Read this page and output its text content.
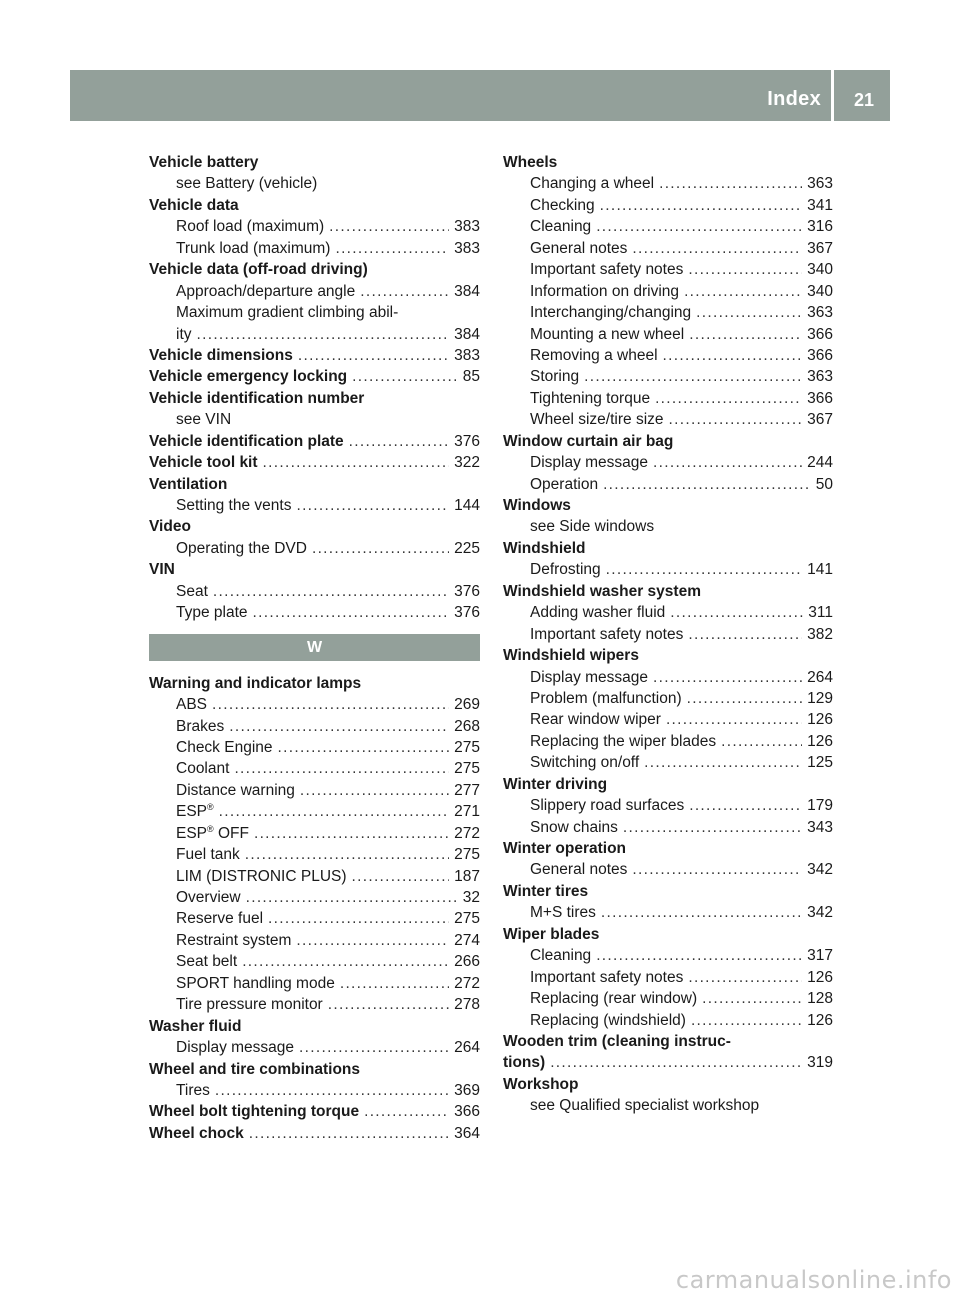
Index 21
Vehicle battery
see Battery (vehicle)
Vehicle data
Roof load (maximum) .....	383
Trunk load (maximum) .....	383
Vehicle data (off-road driving)
Approach/departure angle .....	384
Maximum gradient climbing abil-
ity .....	384
Vehicle dimensions .....	383
Vehicle emergency locking .....	85
Vehicle identification number
see VIN
Vehicle identification plate .....	376
Vehicle tool kit .....	322
Ventilation
Setting the vents .....	144
Video
Operating the DVD .....	225
VIN
Seat .....	376
Type plate .....	376
W
Warning and indicator lamps
ABS .....	269
Brakes .....	268
Check Engine .....	275
Coolant .....	275
Distance warning .....	277
ESP® .....	271
ESP® OFF .....	272
Fuel tank .....	275
LIM (DISTRONIC PLUS) .....	187
Overview .....	32
Reserve fuel .....	275
Restraint system .....	274
Seat belt .....	266
SPORT handling mode .....	272
Tire pressure monitor .....	278
Washer fluid
Display message .....	264
Wheel and tire combinations
Tires .....	369
Wheel bolt tightening torque .....	366
Wheel chock .....	364
Wheels
Changing a wheel .....	363
Checking .....	341
Cleaning .....	316
General notes .....	367
Important safety notes .....	340
Information on driving .....	340
Interchanging/changing .....	363
Mounting a new wheel .....	366
Removing a wheel .....	366
Storing .....	363
Tightening torque .....	366
Wheel size/tire size .....	367
Window curtain air bag
Display message .....	244
Operation .....	50
Windows
see Side windows
Windshield
Defrosting .....	141
Windshield washer system
Adding washer fluid .....	311
Important safety notes .....	382
Windshield wipers
Display message .....	264
Problem (malfunction) .....	129
Rear window wiper .....	126
Replacing the wiper blades .....	126
Switching on/off .....	125
Winter driving
Slippery road surfaces .....	179
Snow chains .....	343
Winter operation
General notes .....	342
Winter tires
M+S tires .....	342
Wiper blades
Cleaning .....	317
Important safety notes .....	126
Replacing (rear window) .....	128
Replacing (windshield) .....	126
Wooden trim (cleaning instruc-
tions) .....	319
Workshop
see Qualified specialist workshop
carmanualsonline.info
